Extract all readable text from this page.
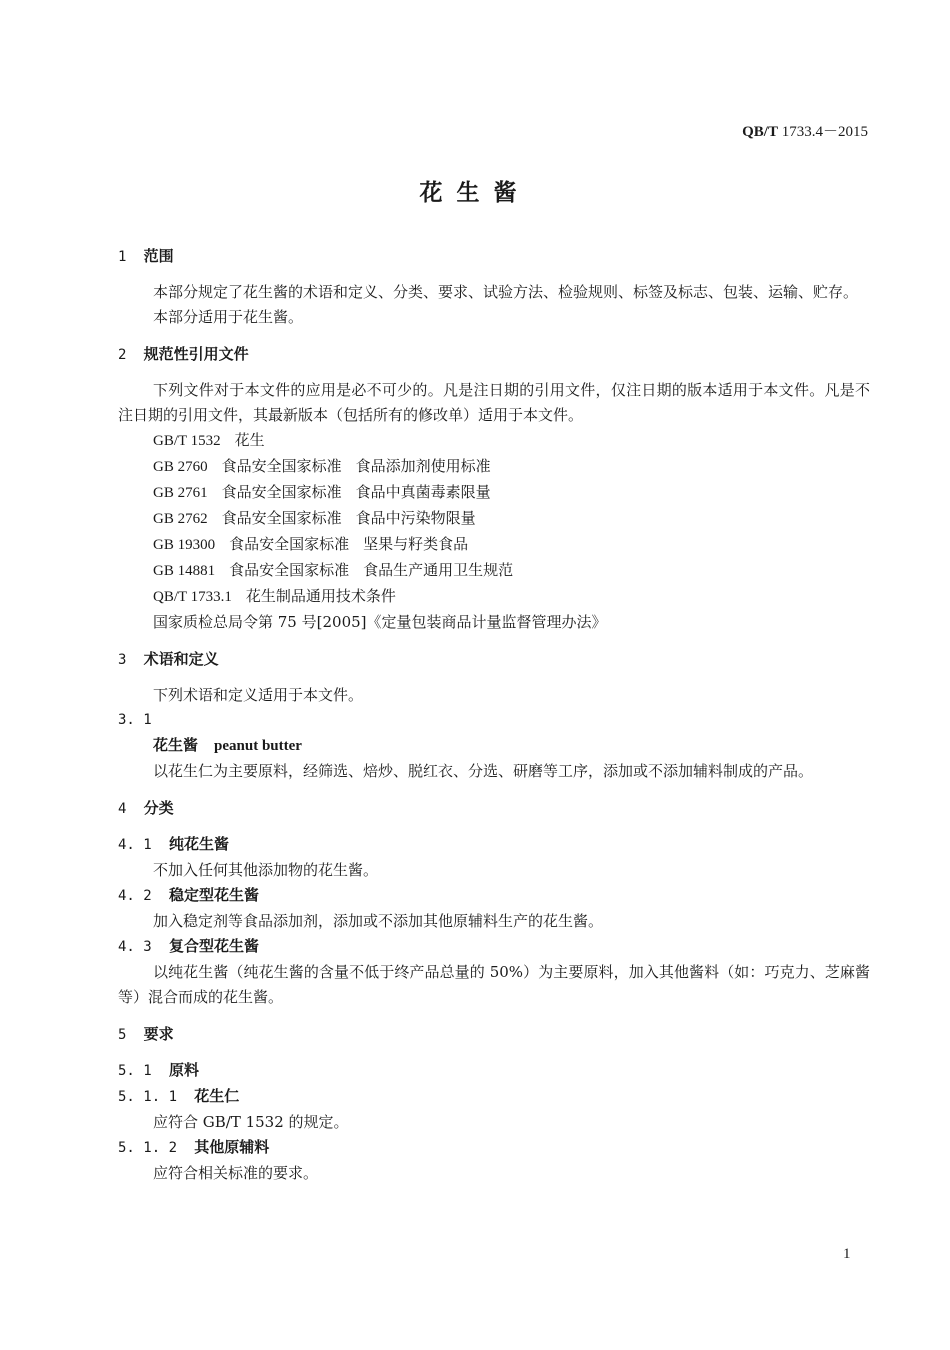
QB/T 1733.4－2015
花生酱
1 范围

本部分规定了花生酱的术语和定义、分类、要求、试验方法、检验规则、标签及标志、包装、运输、贮存。

本部分适用于花生酱。

2 规范性引用文件

下列文件对于本文件的应用是必不可少的。凡是注日期的引用文件，仅注日期的版本适用于本文件。凡是不注日期的引用文件，其最新版本（包括所有的修改单）适用于本文件。

GB/T 1532 花生

GB 2760 食品安全国家标准 食品添加剂使用标准

GB 2761 食品安全国家标准 食品中真菌毒素限量

GB 2762 食品安全国家标准 食品中污染物限量

GB 19300 食品安全国家标准 坚果与籽类食品

GB 14881 食品安全国家标准 食品生产通用卫生规范

QB/T 1733.1 花生制品通用技术条件

国家质检总局令第 75 号[2005]《定量包装商品计量监督管理办法》

3 术语和定义

下列术语和定义适用于本文件。

3. 1
花生酱 peanut butter

以花生仁为主要原料，经筛选、焙炒、脱红衣、分选、研磨等工序，添加或不添加辅料制成的产品。

4 分类
4. 1 纯花生酱

不加入任何其他添加物的花生酱。

4. 2 稳定型花生酱

加入稳定剂等食品添加剂，添加或不添加其他原辅料生产的花生酱。

4. 3 复合型花生酱

以纯花生酱（纯花生酱的含量不低于终产品总量的 50%）为主要原料，加入其他酱料（如：巧克力、芝麻酱等）混合而成的花生酱。

5 要求
5. 1 原料
5. 1. 1 花生仁

应符合 GB/T 1532 的规定。

5. 1. 2 其他原辅料

应符合相关标准的要求。

1
